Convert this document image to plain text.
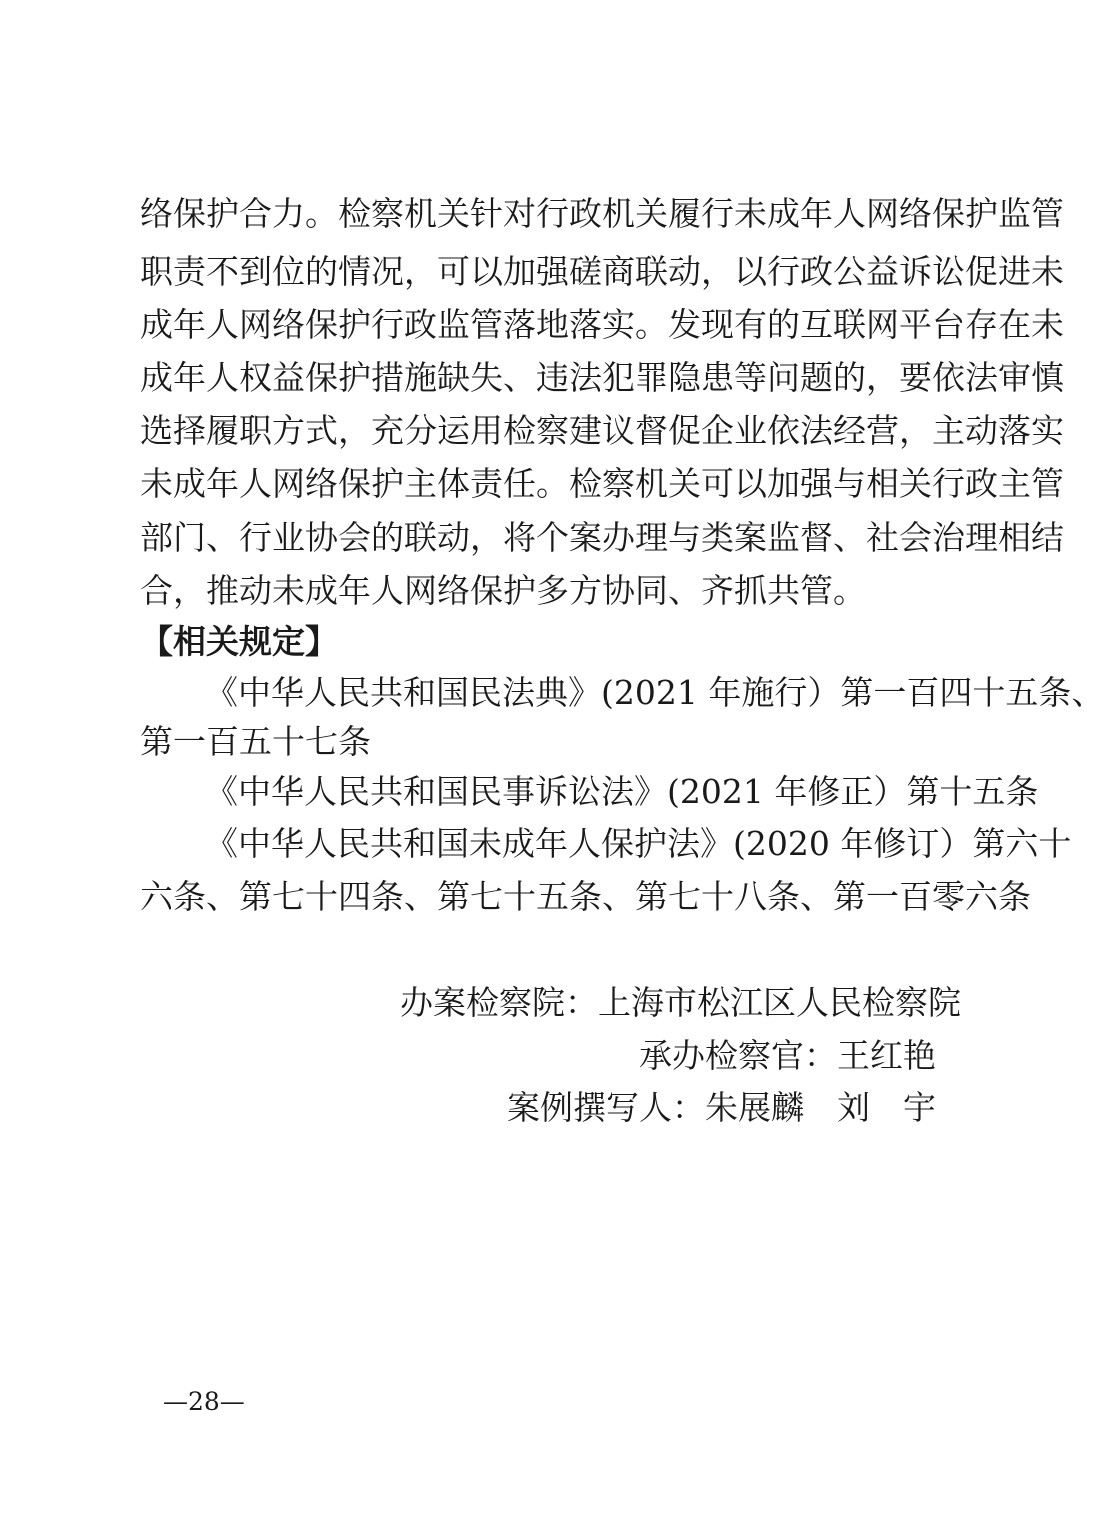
络保护合力。检察机关针对行政机关履行未成年人网络保护监管
职责不到位的情况，可以加强磋商联动，以行政公益诉讼促进未
成年人网络保护行政监管落地落实。发现有的互联网平台存在未
成年人权益保护措施缺失、违法犯罪隐患等问题的，要依法审慎
选择履职方式，充分运用检察建议督促企业依法经营，主动落实
未成年人网络保护主体责任。检察机关可以加强与相关行政主管
部门、行业协会的联动，将个案办理与类案监督、社会治理相结
合，推动未成年人网络保护多方协同、齐抓共管。
【相关规定】
《中华人民共和国民法典》(2021 年施行）第一百四十五条、
第一百五十七条
《中华人民共和国民事诉讼法》(2021 年修正）第十五条
《中华人民共和国未成年人保护法》(2020 年修订）第六十
六条、第七十四条、第七十五条、第七十八条、第一百零六条
办案检察院：上海市松江区人民检察院
承办检察官：王红艳
案例撰写人：朱展麟　刘　宇
—28—
